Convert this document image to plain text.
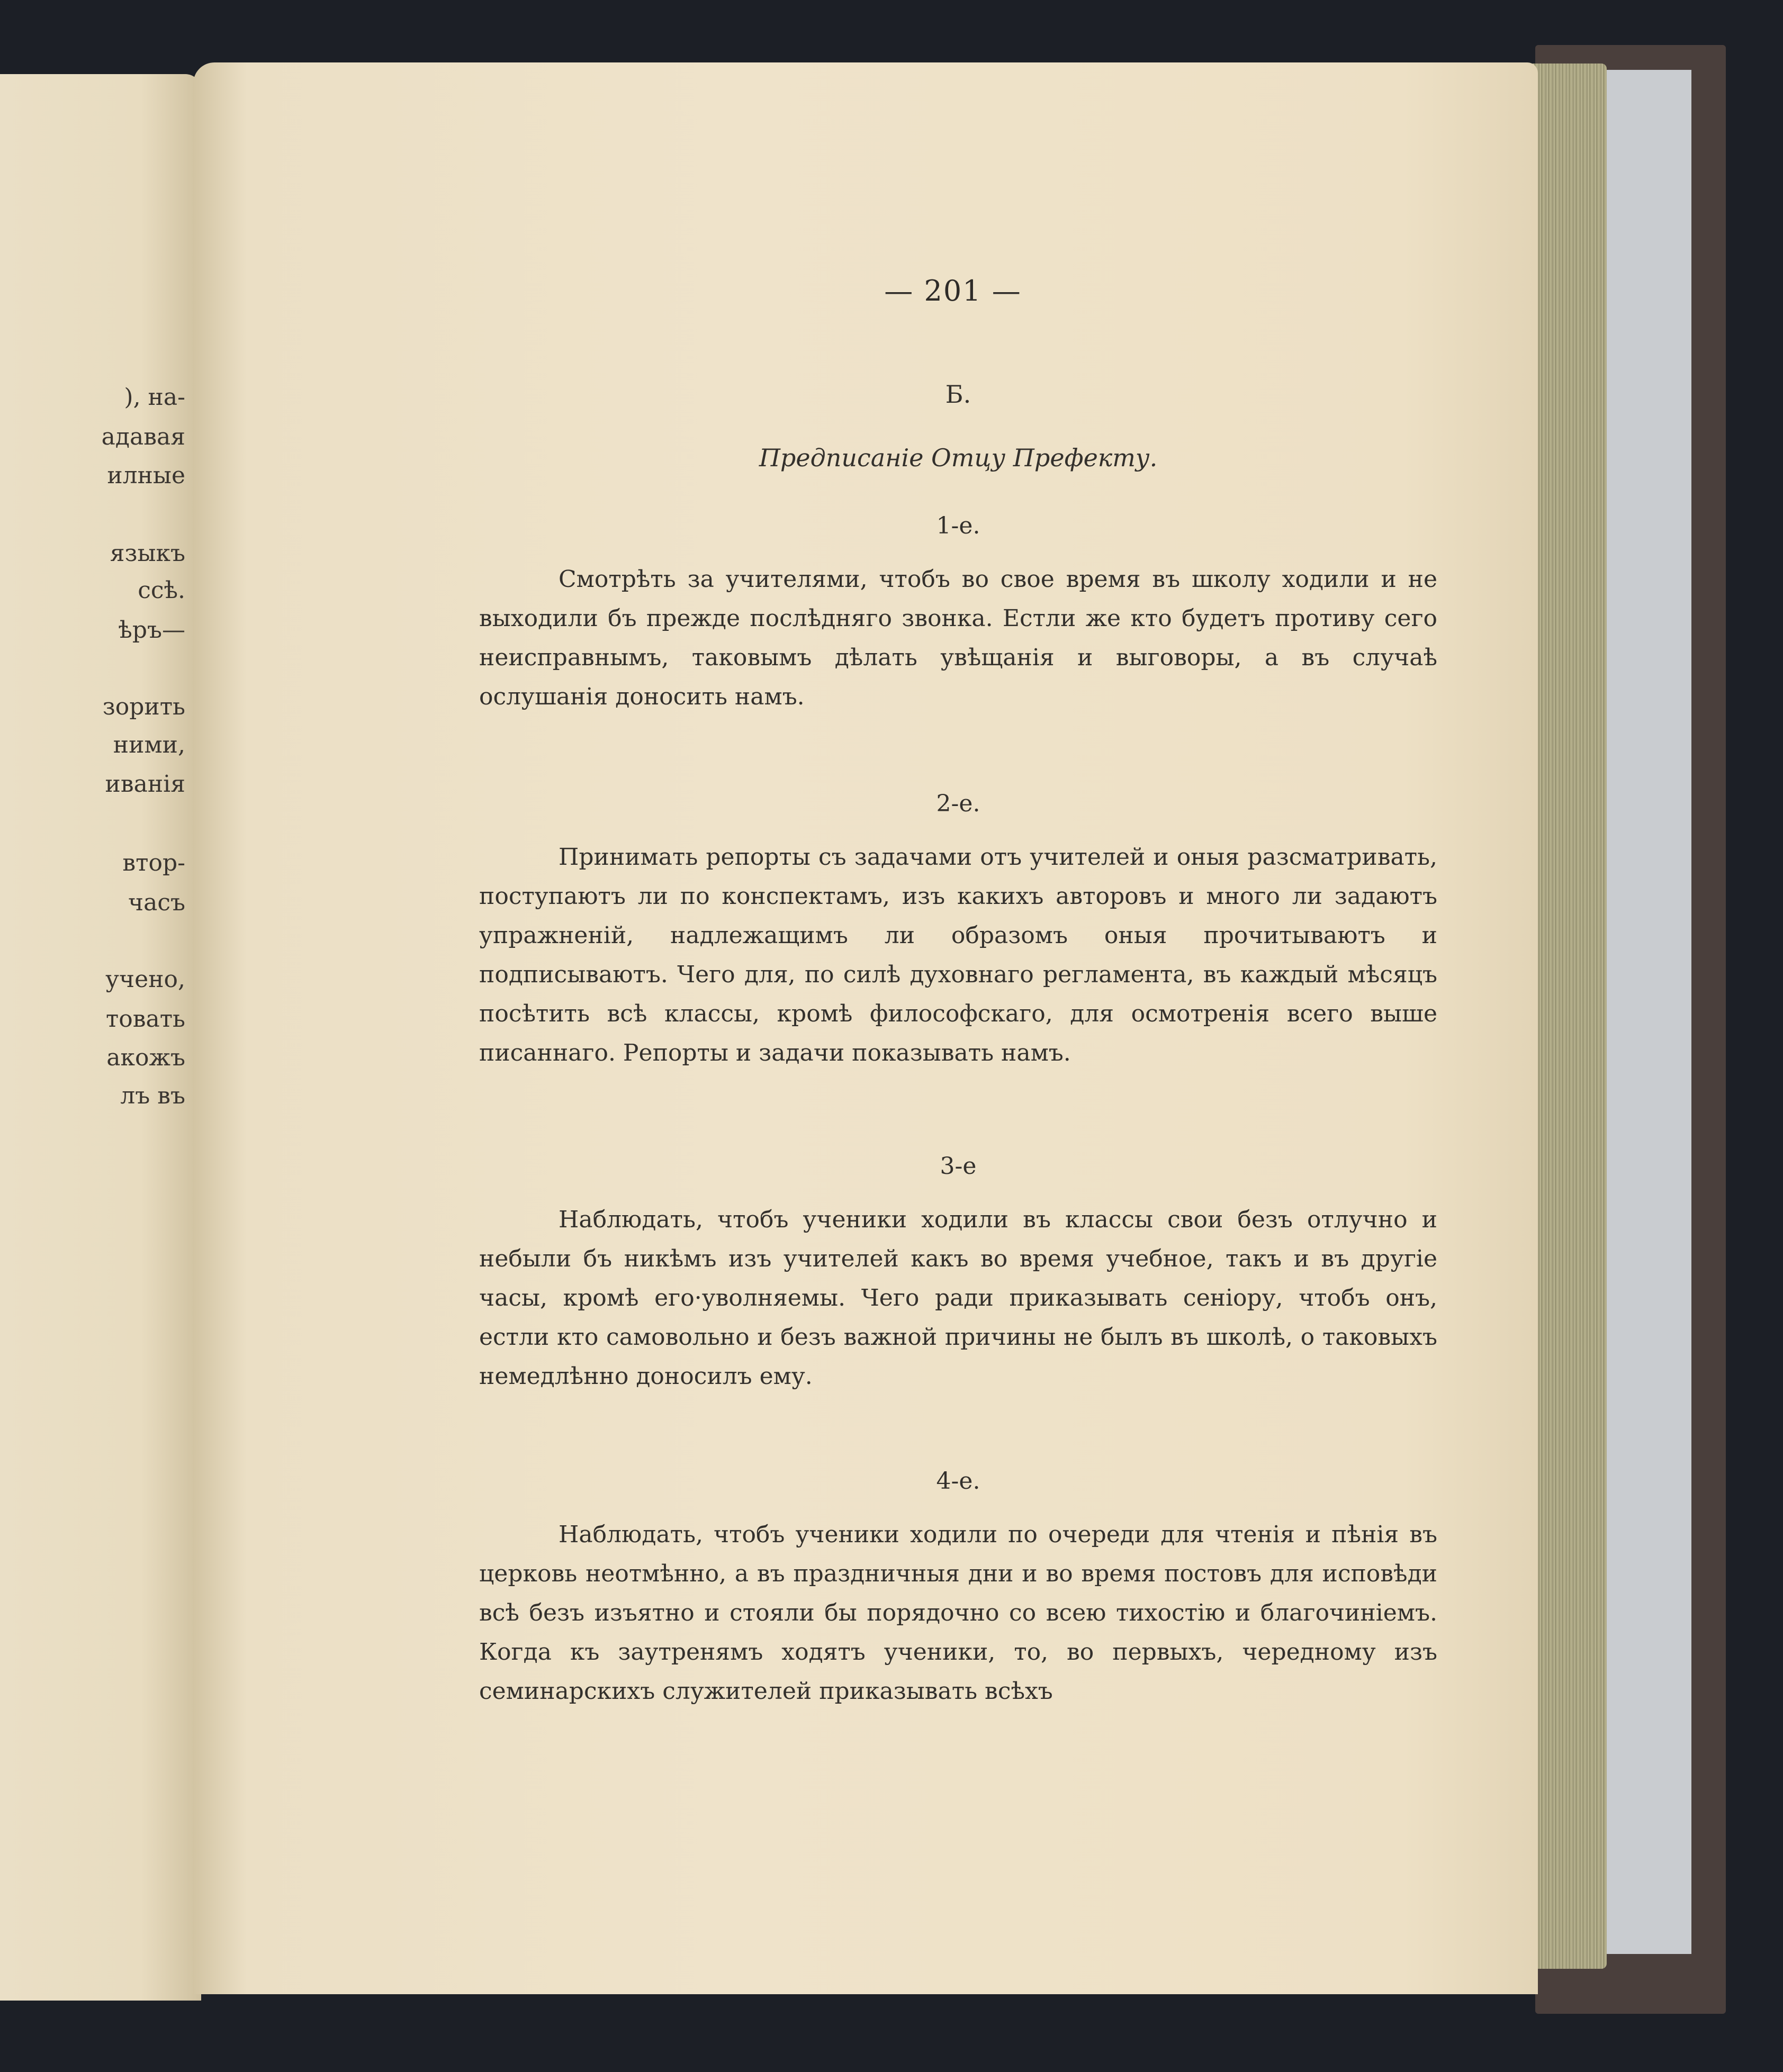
), на-
адавая
илные
языкъ
ссѣ.
ѣръ—
зорить
ними,
иванія
втор-
часъ
учено,
товать
акожъ
лъ въ
— 201 —
Б.
Предписаніе Отцу Префекту.
1-е.

Смотрѣть за учителями, чтобъ во свое время въ школу ходили и не выходили бъ прежде послѣдняго звонка. Естли же кто будетъ противу сего неисправнымъ, таковымъ дѣлать увѣщанія и выговоры, а въ случаѣ ослушанія доносить намъ.

2-е.

Принимать репорты съ задачами отъ учителей и оныя разсматривать, поступаютъ ли по конспектамъ, изъ какихъ авторовъ и много ли задаютъ упражненій, надлежащимъ ли образомъ оныя прочитываютъ и подписываютъ. Чего для, по силѣ духовнаго регламента, въ каждый мѣсяцъ посѣтить всѣ классы, кромѣ философскаго, для осмотренія всего выше писаннаго. Репорты и задачи показывать намъ.

3-е

Наблюдать, чтобъ ученики ходили въ классы свои безъ отлучно и небыли бъ никѣмъ изъ учителей какъ во время учебное, такъ и въ другіе часы, кромѣ его·уволняемы. Чего ради приказывать сеніору, чтобъ онъ, естли кто самовольно и безъ важной причины не былъ въ школѣ, о таковыхъ немедлѣнно доносилъ ему.

4-е.

Наблюдать, чтобъ ученики ходили по очереди для чтенія и пѣнія въ церковь неотмѣнно, а въ праздничныя дни и во время постовъ для исповѣди всѣ безъ изъятно и стояли бы порядочно со всею тихостію и благочиніемъ. Когда къ заутренямъ ходятъ ученики, то, во первыхъ, чередному изъ семинарскихъ служителей приказывать всѣхъ
